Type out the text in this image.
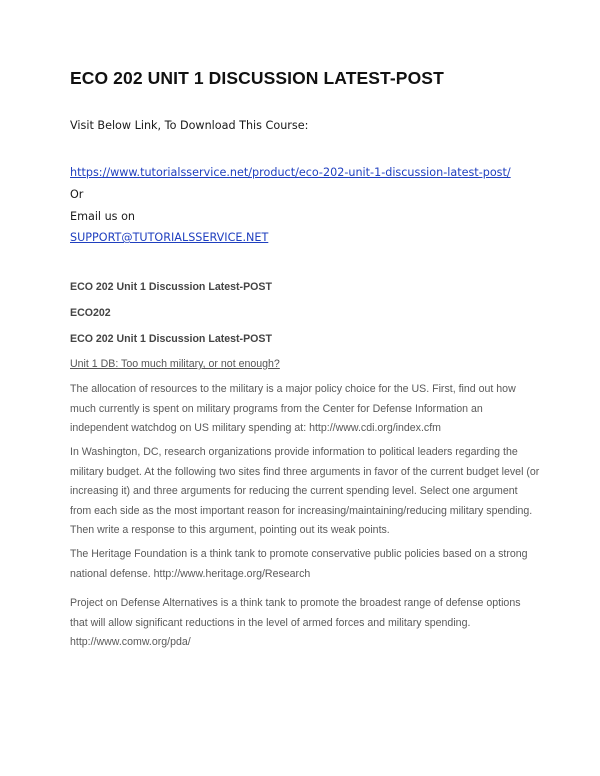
ECO 202 UNIT 1 DISCUSSION LATEST-POST

Visit Below Link, To Download This Course:

https://www.tutorialsservice.net/product/eco-202-unit-1-discussion-latest-post/

Or

Email us on

SUPPORT@TUTORIALSSERVICE.NET

ECO 202 Unit 1 Discussion Latest-POST

ECO202

ECO 202 Unit 1 Discussion Latest-POST

Unit 1 DB: Too much military, or not enough?

The allocation of resources to the military is a major policy choice for the US. First, find out how much currently is spent on military programs from the Center for Defense Information an independent watchdog on US military spending at: http://www.cdi.org/index.cfm

In Washington, DC, research organizations provide information to political leaders regarding the military budget. At the following two sites find three arguments in favor of the current budget level (or increasing it) and three arguments for reducing the current spending level. Select one argument from each side as the most important reason for increasing/maintaining/reducing military spending. Then write a response to this argument, pointing out its weak points.

The Heritage Foundation is a think tank to promote conservative public policies based on a strong national defense. http://www.heritage.org/Research

Project on Defense Alternatives is a think tank to promote the broadest range of defense options that will allow significant reductions in the level of armed forces and military spending. http://www.comw.org/pda/
